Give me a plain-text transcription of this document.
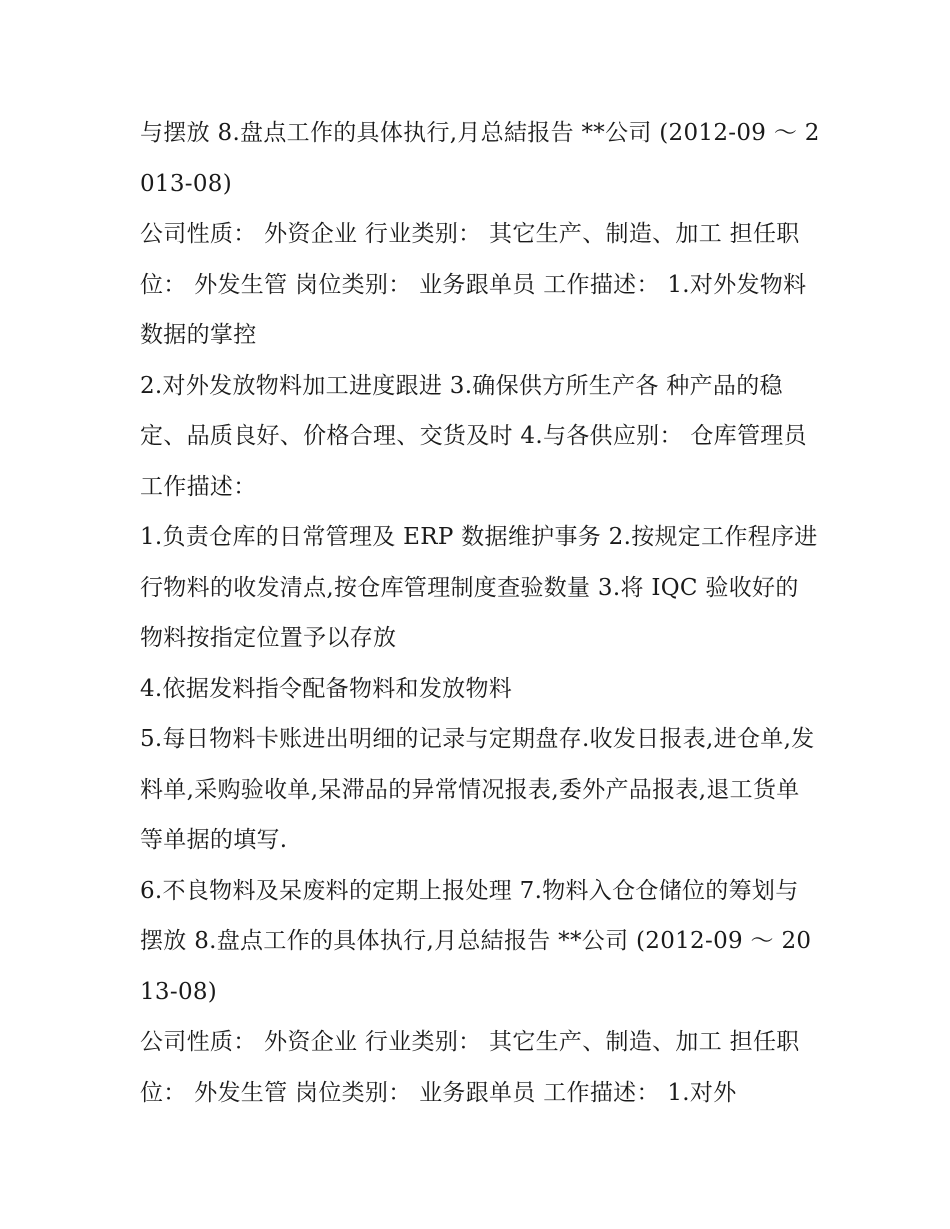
与摆放 8.盘点工作的具体执行,月总結报告 **公司 (2012-09 ～ 2013-08)

公司性质： 外资企业 行业类别： 其它生产、制造、加工 担任职位： 外发生管 岗位类别： 业务跟单员 工作描述： 1.对外发物料数据的掌控

2.对外发放物料加工进度跟进 3.确保供方所生产各 种产品的稳定、品质良好、价格合理、交货及时 4.与各供应别： 仓库管理员 工作描述：

1.负责仓库的日常管理及 ERP 数据维护事务 2.按规定工作程序进行物料的收发清点,按仓库管理制度查验数量 3.将 IQC 验收好的物料按指定位置予以存放

4.依据发料指令配备物料和发放物料

5.每日物料卡账进出明细的记录与定期盘存.收发日报表,进仓单,发料单,采购验收单,呆滞品的异常情况报表,委外产品报表,退工货单等单据的填写.

6.不良物料及呆废料的定期上报处理 7.物料入仓仓储位的筹划与摆放 8.盘点工作的具体执行,月总結报告 **公司 (2012-09 ～ 2013-08)

公司性质： 外资企业 行业类别： 其它生产、制造、加工 担任职位： 外发生管 岗位类别： 业务跟单员 工作描述： 1.对外
